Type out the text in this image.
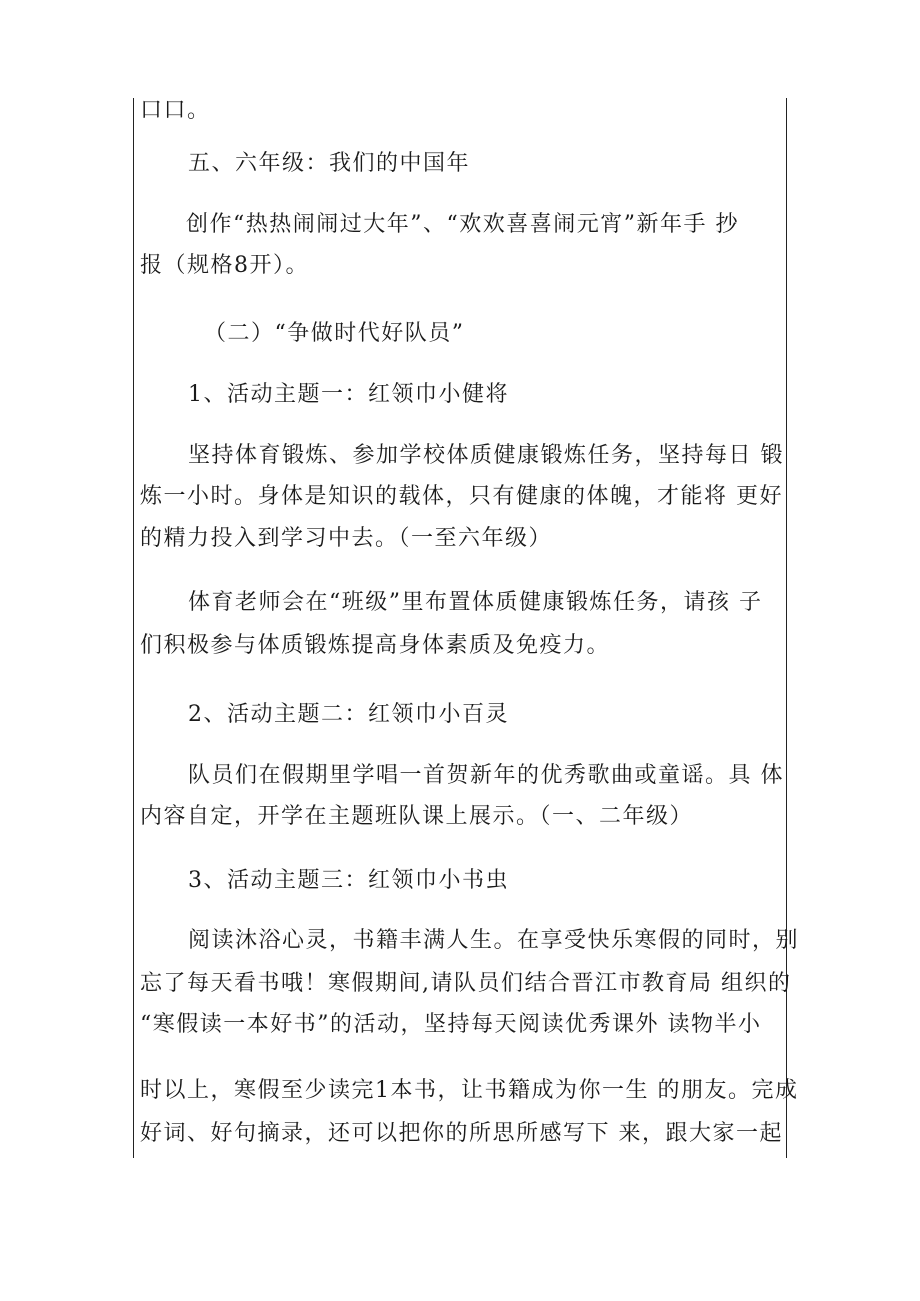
口口。
五、六年级：我们的中国年
创作“热热闹闹过大年”、“欢欢喜喜闹元宵”新年手 抄
报（规格8开）。
（二）“争做时代好队员”
1、活动主题一：红领巾小健将
坚持体育锻炼、参加学校体质健康锻炼任务，坚持每日 锻
炼一小时。身体是知识的载体，只有健康的体魄，才能将 更好
的精力投入到学习中去。（一至六年级）
体育老师会在“班级”里布置体质健康锻炼任务，请孩 子
们积极参与体质锻炼提高身体素质及免疫力。
2、活动主题二：红领巾小百灵
队员们在假期里学唱一首贺新年的优秀歌曲或童谣。具 体
内容自定，开学在主题班队课上展示。（一、二年级）
3、活动主题三：红领巾小书虫
阅读沐浴心灵，书籍丰满人生。在享受快乐寒假的同时，别
忘了每天看书哦！寒假期间,请队员们结合晋江市教育局 组织的
“寒假读一本好书”的活动，坚持每天阅读优秀课外 读物半小
时以上，寒假至少读完1本书，让书籍成为你一生 的朋友。完成
好词、好句摘录，还可以把你的所思所感写下 来，跟大家一起
